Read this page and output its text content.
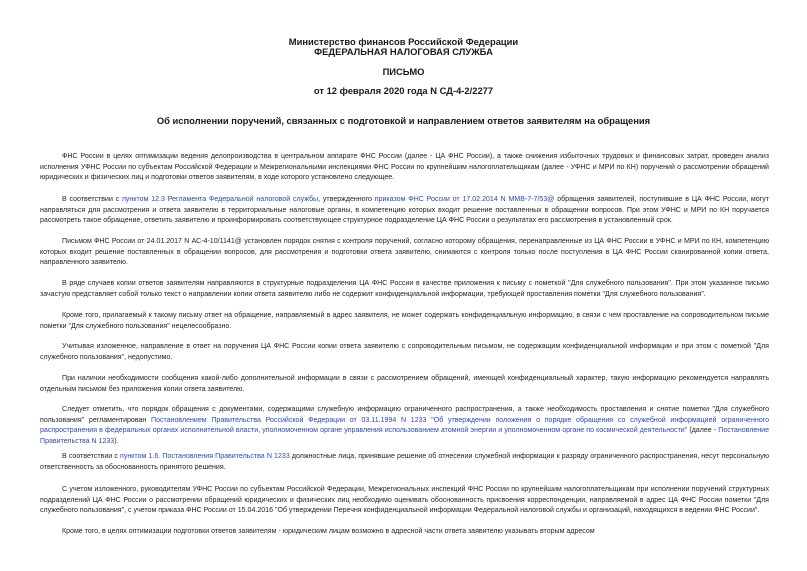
Министерство финансов Российской Федерации
ФЕДЕРАЛЬНАЯ НАЛОГОВАЯ СЛУЖБА
ПИСЬМО
от 12 февраля 2020 года N СД-4-2/2277
Об исполнении поручений, связанных с подготовкой и направлением ответов заявителям на обращения
ФНС России в целях оптимизации ведения делопроизводства в центральном аппарате ФНС России (далее - ЦА ФНС России), а также снижения избыточных трудовых и финансовых затрат, проведен анализ исполнения УФНС России по субъектам Российской Федерации и Межрегиональными инспекциями ФНС России по крупнейшим налогоплательщикам (далее - УФНС и МРИ по КН) поручений о рассмотрении обращений юридических и физических лиц и подготовки ответов заявителям, в ходе которого установлено следующее.
В соответствии с пунктом 12.3 Регламента Федеральной налоговой службы, утвержденного приказом ФНС России от 17.02.2014 N ММВ-7-7/53@ обращения заявителей, поступившие в ЦА ФНС России, могут направляться для рассмотрения и ответа заявителю в территориальные налоговые органы, в компетенцию которых входит решение поставленных в обращении вопросов. При этом УФНС и МРИ по КН поручается рассмотреть такое обращение, ответить заявителю и проинформировать соответствующее структурное подразделение ЦА ФНС России о результатах его рассмотрения в установленный срок.
Письмом ФНС России от 24.01.2017 N АС-4-10/1141@ установлен порядок снятия с контроля поручений, согласно которому обращения, перенаправленные из ЦА ФНС России в УФНС и МРИ по КН, компетенцию которых входит решение поставленных в обращении вопросов, для рассмотрения и подготовки ответа заявителю, снимаются с контроля только после поступления в ЦА ФНС России сканированной копии ответа, направленного заявителю.
В ряде случаев копии ответов заявителям направляются в структурные подразделения ЦА ФНС России в качестве приложения к письму с пометкой "Для служебного пользования". При этом указанное письмо зачастую представляет собой только текст о направлении копии ответа заявителю либо не содержит конфиденциальной информации, требующей проставления пометки "Для служебного пользования".
Кроме того, прилагаемый к такому письму ответ на обращение, направляемый в адрес заявителя, не может содержать конфиденциальную информацию, в связи с чем проставление на сопроводительном письме пометки "Для служебного пользования" нецелесообразно.
Учитывая изложенное, направление в ответ на поручения ЦА ФНС России копии ответа заявителю с сопроводительным письмом, не содержащим конфиденциальной информации и при этом с пометкой "Для служебного пользования", недопустимо.
При наличии необходимости сообщения какой-либо дополнительной информации в связи с рассмотрением обращений, имеющей конфиденциальный характер, такую информацию рекомендуется направлять отдельным письмом без приложения копии ответа заявителю.
Следует отметить, что порядок обращения с документами, содержащими служебную информацию ограниченного распространения, а также необходимость проставления и снятие пометки "Для служебного пользования" регламентирован Постановлением Правительства Российской Федерации от 03.11.1994 N 1233 "Об утверждении положения о порядке обращения со служебной информацией ограниченного распространения в федеральных органах исполнительной власти, уполномоченном органе управления использованием атомной энергии и уполномоченном органе по космической деятельности" (далее - Постановление Правительства N 1233).
В соответствии с пунктом 1.6. Постановления Правительства N 1233 должностные лица, принявшие решение об отнесении служебной информации к разряду ограниченного распространения, несут персональную ответственность за обоснованность принятого решения.
С учетом изложенного, руководителям УФНС России по субъектам Российской Федерации, Межрегиональных инспекций ФНС России по крупнейшим налогоплательщикам при исполнении поручений структурных подразделений ЦА ФНС России о рассмотрении обращений юридических и физических лиц необходимо оценивать обоснованность присвоения корреспонденции, направляемой в адрес ЦА ФНС России пометки "Для служебного пользования", с учетом приказа ФНС России от 15.04.2016 "Об утверждении Перечня конфиденциальной информации Федеральной налоговой службы и организаций, находящихся в ведении ФНС России".
Кроме того, в целях оптимизации подготовки ответов заявителям - юридическим лицам возможно в адресной части ответа заявителю указывать вторым адресом
